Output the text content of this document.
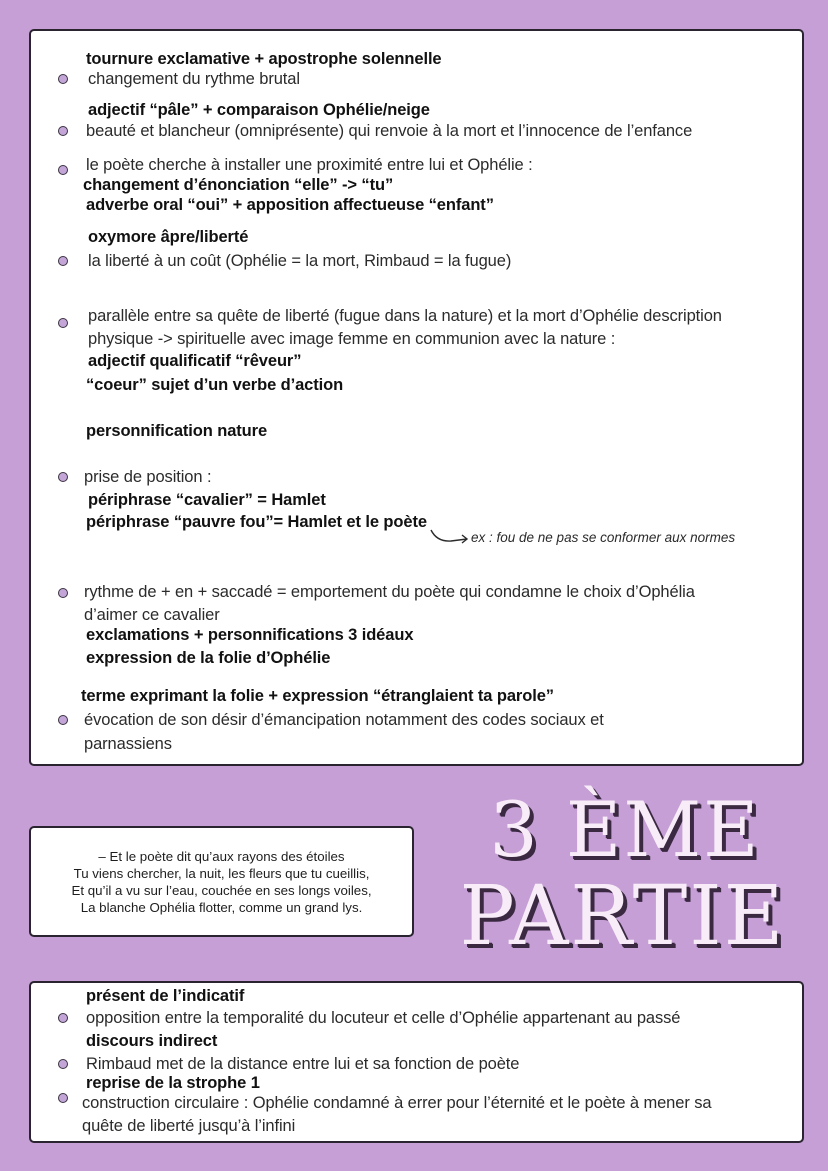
tournure exclamative + apostrophe solennelle
changement du rythme brutal
adjectif “pâle” + comparaison Ophélie/neige
beauté et blancheur (omniprésente) qui renvoie à la mort et l’innocence de l’enfance
le poète cherche à installer une proximité entre lui et Ophélie :
changement d’énonciation “elle” -> “tu”
adverbe oral “oui” + apposition affectueuse “enfant”
oxymore âpre/liberté
la liberté à un coût (Ophélie = la mort, Rimbaud = la fugue)
parallèle entre sa quête de liberté (fugue dans la nature) et la mort d’Ophélie description
physique -> spirituelle avec image femme en communion avec la nature :
adjectif qualificatif “rêveur”
“coeur” sujet d’un verbe d’action
personnification nature
prise de position :
périphrase “cavalier” = Hamlet
périphrase “pauvre fou”= Hamlet et le poète
ex : fou de ne pas se conformer aux normes
rythme de + en + saccadé = emportement du poète qui condamne le choix d’Ophélia
d’aimer ce cavalier
exclamations + personnifications 3 idéaux
expression de la folie d’Ophélie
terme exprimant la folie + expression “étranglaient ta parole”
évocation de son désir d’émancipation notamment des codes sociaux et
parnassiens
– Et le poète dit qu’aux rayons des étoiles
Tu viens chercher, la nuit, les fleurs que tu cueillis,
Et qu’il a vu sur l’eau, couchée en ses longs voiles,
La blanche Ophélia flotter, comme un grand lys.
3 ÈME
PARTIE
présent de l’indicatif
opposition entre la temporalité du locuteur et celle d’Ophélie appartenant au passé
discours indirect
Rimbaud met de la distance entre lui et sa fonction de poète
reprise de la strophe 1
construction circulaire : Ophélie condamné à errer pour l’éternité et le poète à mener sa
quête de liberté jusqu’à l’infini
